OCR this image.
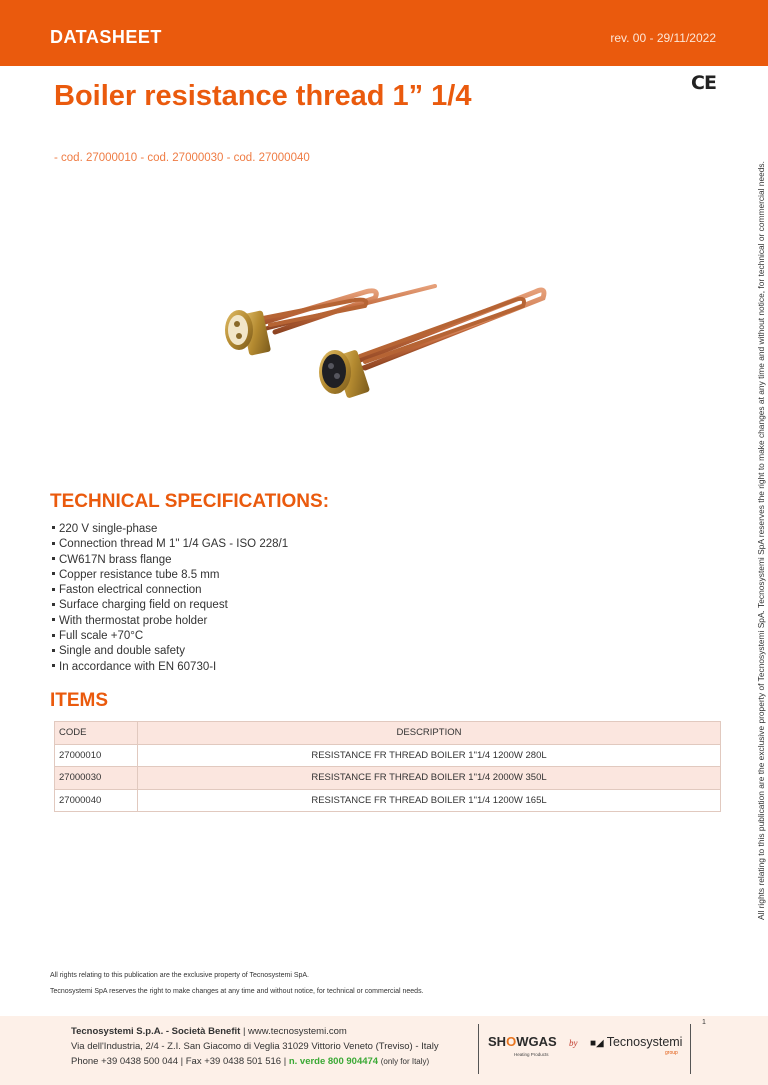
DATASHEET	rev. 00 - 29/11/2022
CE
Boiler resistance thread 1” 1/4
- cod. 27000010 - cod. 27000030 - cod. 27000040
TECHNICAL SPECIFICATIONS:
220 V single-phase
Connection thread M 1" 1/4 GAS - ISO 228/1
CW617N brass flange
Copper resistance tube 8.5 mm
Faston electrical connection
Surface charging field on request
With thermostat probe holder
Full scale +70°C
Single and double safety
In accordance with EN 60730-I
ITEMS
CODE	DESCRIPTION
27000010	RESISTANCE FR THREAD BOILER 1"1/4 1200W 280L
27000030	RESISTANCE FR THREAD BOILER 1"1/4 2000W 350L
27000040	RESISTANCE FR THREAD BOILER 1"1/4 1200W 165L	All rights relating to this publication are the exclusive property of Tecnosystemi SpA. Tecnosystemi SpA reserves the right to make changes at any time and without notice, for technical or commercial needs.
All rights relating to this publication are the exclusive property of Tecnosystemi SpA.
Tecnosystemi SpA reserves the right to make changes at any time and without notice, for technical or commercial needs.
1
Tecnosystemi S.p.A. - Società Benefit | www.tecnosystemi.com
Via dell'Industria, 2/4 - Z.I. San Giacomo di Veglia 31029 Vittorio Veneto (Treviso) - Italy
Phone +39 0438 500 044 | Fax +39 0438 501 516 | n. verde 800 904474 (only for Italy)
SHOWGAS
Heating Products
by ■◢ Tecnosystemi
group
